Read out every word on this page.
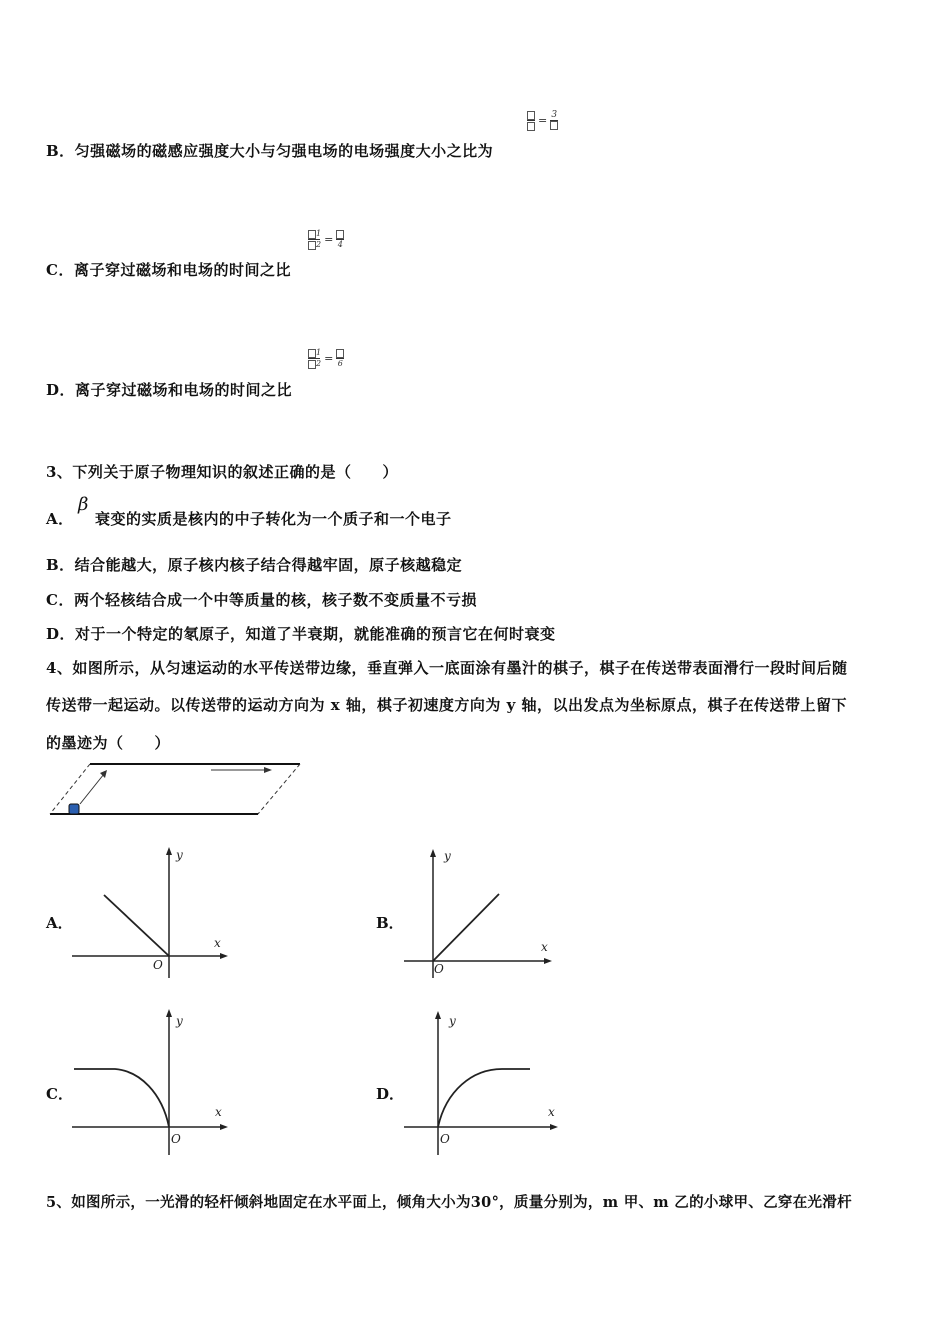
= 3
B．匀强磁场的磁感应强度大小与匀强电场的电场强度大小之比为
1
2 = 4
C．离子穿过磁场和电场的时间之比
1
2 = 6
D．离子穿过磁场和电场的时间之比
3、下列关于原子物理知识的叙述正确的是（　　）
A．
β
衰变的实质是核内的中子转化为一个质子和一个电子
B．结合能越大，原子核内核子结合得越牢固，原子核越稳定
C．两个轻核结合成一个中等质量的核，核子数不变质量不亏损
D．对于一个特定的氡原子，知道了半衰期，就能准确的预言它在何时衰变
4、如图所示，从匀速运动的水平传送带边缘，垂直弹入一底面涂有墨汁的棋子，棋子在传送带表面滑行一段时间后随
传送带一起运动。以传送带的运动方向为 x 轴，棋子初速度方向为 y 轴，以出发点为坐标原点，棋子在传送带上留下
的墨迹为（　　）
A．
x
y
O
B．
x
y
O
C．
x
y
O
D．
x
y
O
5、如图所示，一光滑的轻杆倾斜地固定在水平面上，倾角大小为30°，质量分别为，m 甲、m 乙的小球甲、乙穿在光滑杆
